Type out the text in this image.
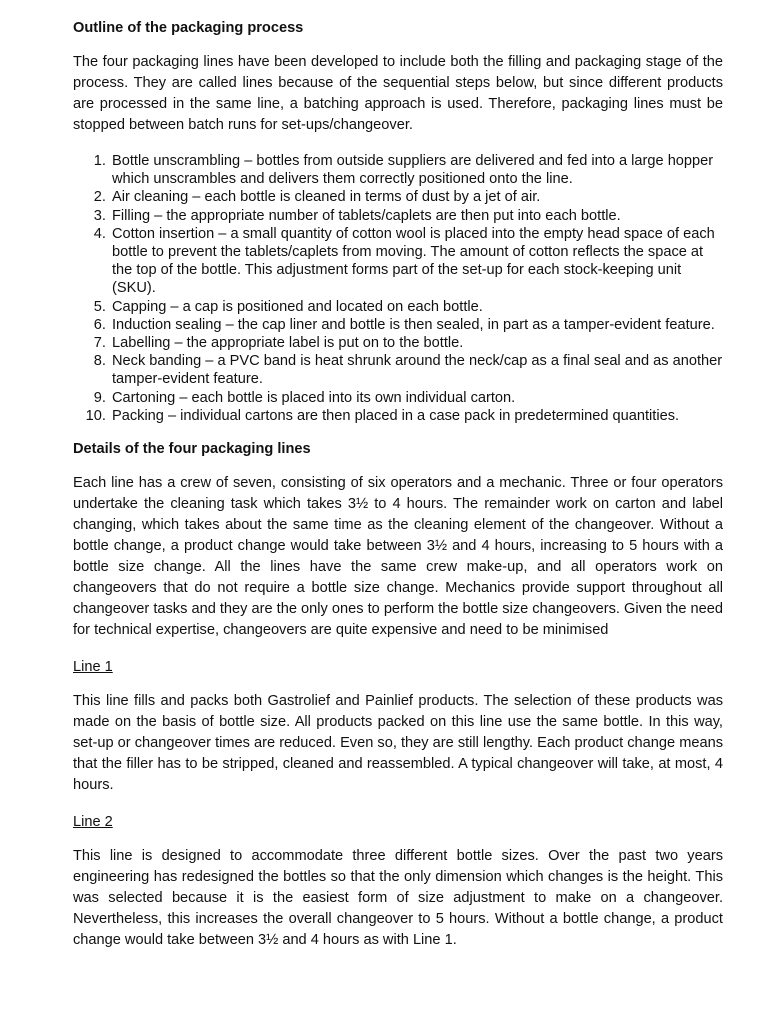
Outline of the packaging process

The four packaging lines have been developed to include both the filling and packaging stage of the process. They are called lines because of the sequential steps below, but since different products are processed in the same line, a batching approach is used. Therefore, packaging lines must be stopped between batch runs for set-ups/changeover.

1. Bottle unscrambling – bottles from outside suppliers are delivered and fed into a large hopper which unscrambles and delivers them correctly positioned onto the line.
2. Air cleaning – each bottle is cleaned in terms of dust by a jet of air.
3. Filling – the appropriate number of tablets/caplets are then put into each bottle.
4. Cotton insertion – a small quantity of cotton wool is placed into the empty head space of each bottle to prevent the tablets/caplets from moving. The amount of cotton reflects the space at the top of the bottle. This adjustment forms part of the set-up for each stock-keeping unit (SKU).
5. Capping – a cap is positioned and located on each bottle.
6. Induction sealing – the cap liner and bottle is then sealed, in part as a tamper-evident feature.
7. Labelling – the appropriate label is put on to the bottle.
8. Neck banding – a PVC band is heat shrunk around the neck/cap as a final seal and as another tamper-evident feature.
9. Cartoning – each bottle is placed into its own individual carton.
10. Packing – individual cartons are then placed in a case pack in predetermined quantities.
Details of the four packaging lines

Each line has a crew of seven, consisting of six operators and a mechanic. Three or four operators undertake the cleaning task which takes 3½ to 4 hours. The remainder work on carton and label changing, which takes about the same time as the cleaning element of the changeover. Without a bottle change, a product change would take between 3½ and 4 hours, increasing to 5 hours with a bottle size change. All the lines have the same crew make-up, and all operators work on changeovers that do not require a bottle size change. Mechanics provide support throughout all changeover tasks and they are the only ones to perform the bottle size changeovers. Given the need for technical expertise, changeovers are quite expensive and need to be minimised

Line 1

This line fills and packs both Gastrolief and Painlief products. The selection of these products was made on the basis of bottle size. All products packed on this line use the same bottle. In this way, set-up or changeover times are reduced. Even so, they are still lengthy. Each product change means that the filler has to be stripped, cleaned and reassembled. A typical changeover will take, at most, 4 hours.

Line 2

This line is designed to accommodate three different bottle sizes. Over the past two years engineering has redesigned the bottles so that the only dimension which changes is the height. This was selected because it is the easiest form of size adjustment to make on a changeover. Nevertheless, this increases the overall changeover to 5 hours. Without a bottle change, a product change would take between 3½ and 4 hours as with Line 1.
